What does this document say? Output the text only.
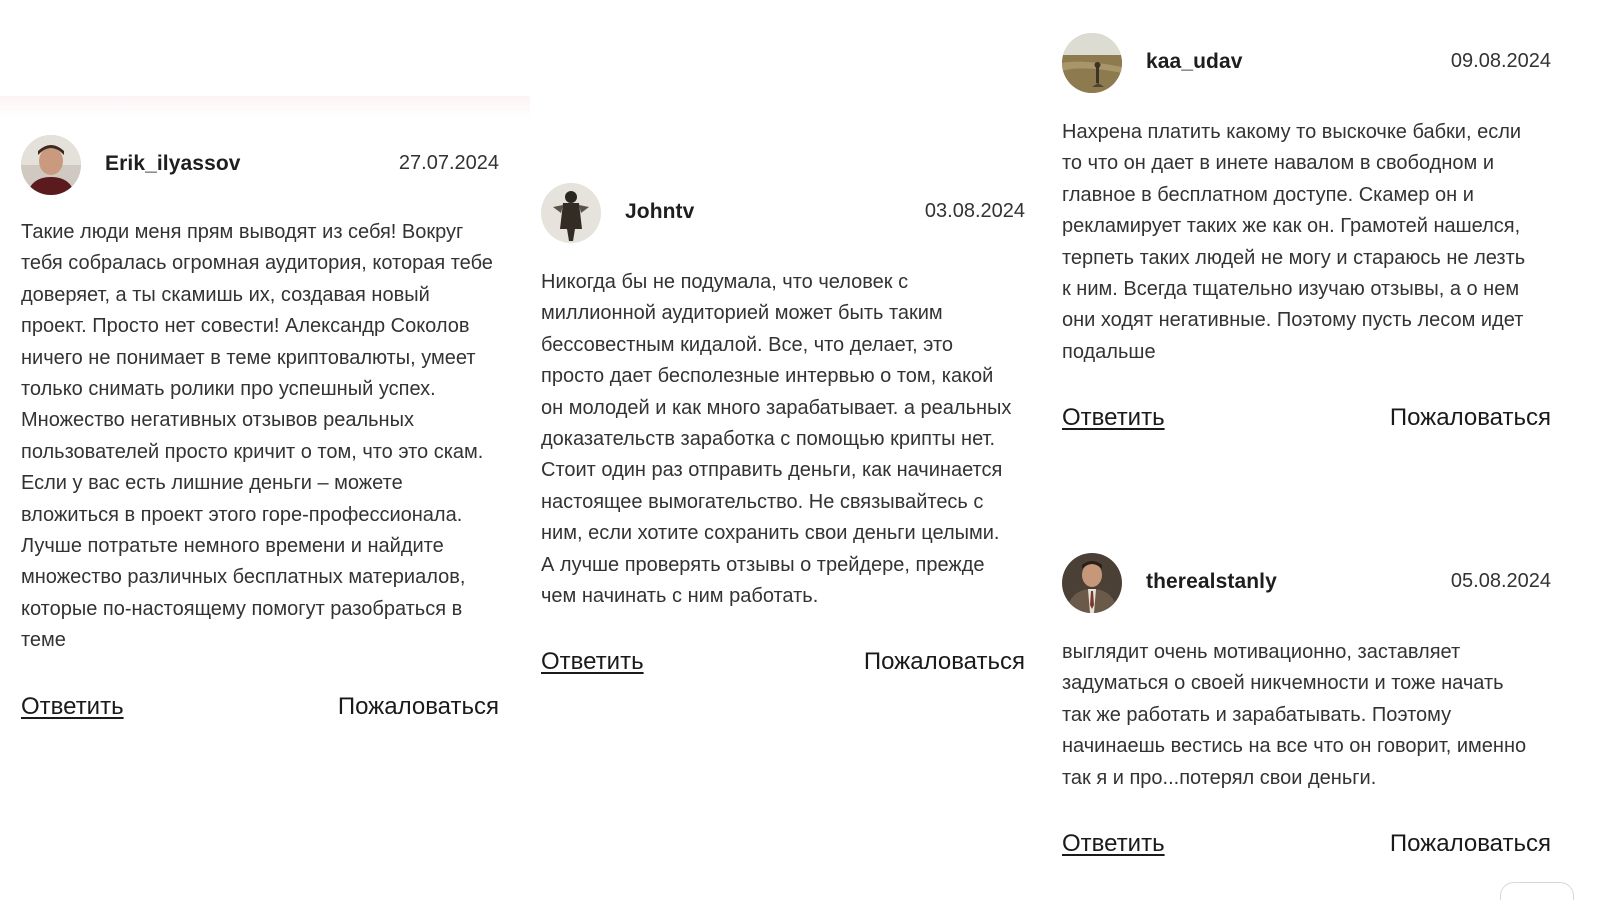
Erik_ilyassov	27.07.2024
Такие люди меня прям выводят из себя! Вокруг
тебя собралась огромная аудитория, которая тебе
доверяет, а ты скамишь их, создавая новый
проект. Просто нет совести! Александр Соколов
ничего не понимает в теме криптовалюты, умеет
только снимать ролики про успешный успех.
Множество негативных отзывов реальных
пользователей просто кричит о том, что это скам.
Если у вас есть лишние деньги – можете
вложиться в проект этого горе-профессионала.
Лучше потратьте немного времени и найдите
множество различных бесплатных материалов,
которые по-настоящему помогут разобраться в
теме
Ответить	Пожаловаться
Johntv	03.08.2024
Никогда бы не подумала, что человек с
миллионной аудиторией может быть таким
бессовестным кидалой. Все, что делает, это
просто дает бесполезные интервью о том, какой
он молодей и как много зарабатывает. а реальных
доказательств заработка с помощью крипты нет.
Стоит один раз отправить деньги, как начинается
настоящее вымогательство. Не связывайтесь с
ним, если хотите сохранить свои деньги целыми.
А лучше проверять отзывы о трейдере, прежде
чем начинать с ним работать.
Ответить	Пожаловаться
kaa_udav	09.08.2024
Нахрена платить какому то выскочке бабки, если
то что он дает в инете навалом в свободном и
главное в бесплатном доступе. Скамер он и
рекламирует таких же как он. Грамотей нашелся,
терпеть таких людей не могу и стараюсь не лезть
к ним. Всегда тщательно изучаю отзывы, а о нем
они ходят негативные. Поэтому пусть лесом идет
подальше
Ответить	Пожаловаться
therealstanly	05.08.2024
выглядит очень мотивационно, заставляет
задуматься о своей никчемности и тоже начать
так же работать и зарабатывать. Поэтому
начинаешь вестись на все что он говорит, именно
так я и про...потерял свои деньги.
Ответить	Пожаловаться
